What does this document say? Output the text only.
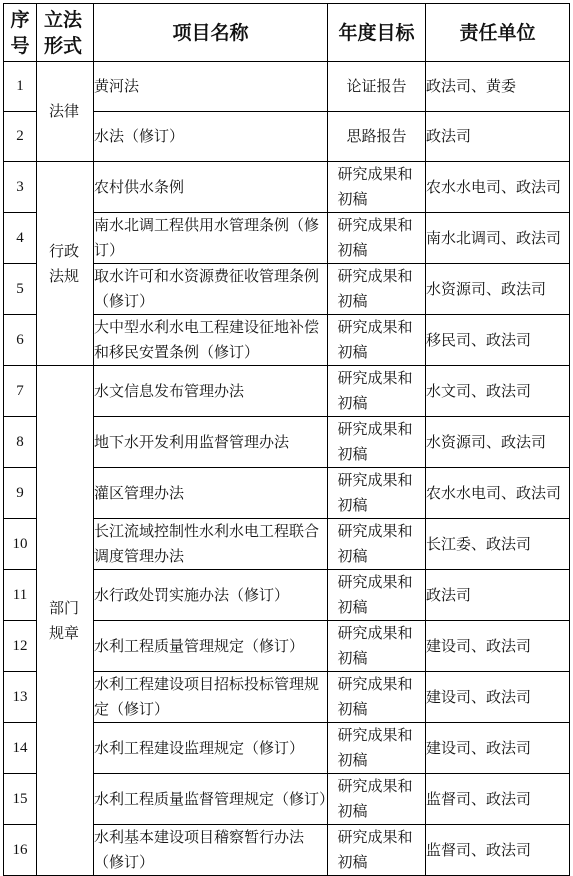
序号	立法形式	项目名称	年度目标	责任单位
1	法律	黄河法	论证报告	政法司、黄委
2		水法（修订）	思路报告	政法司
3	行政法规	农村供水条例	研究成果和初稿	农水水电司、政法司
4		南水北调工程供用水管理条例（修订）	研究成果和初稿	南水北调司、政法司
5		取水许可和水资源费征收管理条例（修订）	研究成果和初稿	水资源司、政法司
6		大中型水利水电工程建设征地补偿和移民安置条例（修订）	研究成果和初稿	移民司、政法司
7	部门规章	水文信息发布管理办法	研究成果和初稿	水文司、政法司
8		地下水开发利用监督管理办法	研究成果和初稿	水资源司、政法司
9		灌区管理办法	研究成果和初稿	农水水电司、政法司
10		长江流域控制性水利水电工程联合调度管理办法	研究成果和初稿	长江委、政法司
11		水行政处罚实施办法（修订）	研究成果和初稿	政法司
12		水利工程质量管理规定（修订）	研究成果和初稿	建设司、政法司
13		水利工程建设项目招标投标管理规定（修订）	研究成果和初稿	建设司、政法司
14		水利工程建设监理规定（修订）	研究成果和初稿	建设司、政法司
15		水利工程质量监督管理规定（修订）	研究成果和初稿	监督司、政法司
16		水利基本建设项目稽察暂行办法（修订）	研究成果和初稿	监督司、政法司
